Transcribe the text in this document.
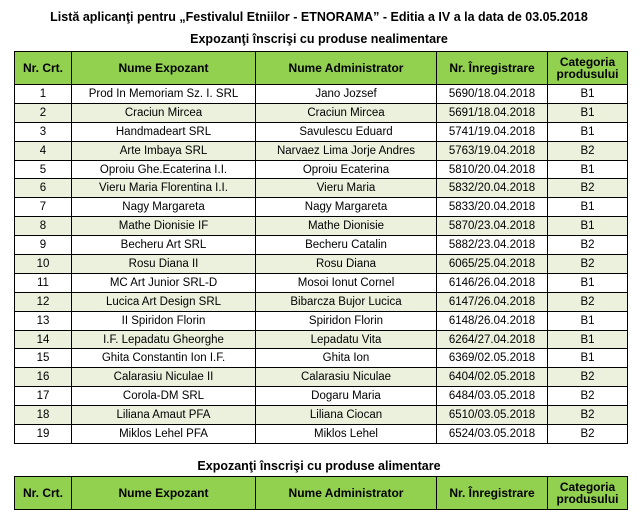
Listă aplicanţi pentru „Festivalul Etniilor - ETNORAMA” - Editia a IV a la data de 03.05.2018
Expozanţi înscrişi cu produse nealimentare
Nr. Crt.	Nume Expozant	Nume Administrator	Nr. Înregistrare	Categoria produsului
1	Prod In Memoriam Sz. I. SRL	Jano Jozsef	5690/18.04.2018	B1
2	Craciun Mircea	Craciun Mircea	5691/18.04.2018	B1
3	Handmadeart SRL	Savulescu Eduard	5741/19.04.2018	B1
4	Arte Imbaya SRL	Narvaez Lima Jorje Andres	5763/19.04.2018	B2
5	Oproiu Ghe.Ecaterina I.I.	Oproiu Ecaterina	5810/20.04.2018	B1
6	Vieru Maria Florentina I.I.	Vieru Maria	5832/20.04.2018	B2
7	Nagy Margareta	Nagy Margareta	5833/20.04.2018	B1
8	Mathe Dionisie IF	Mathe Dionisie	5870/23.04.2018	B1
9	Becheru Art SRL	Becheru Catalin	5882/23.04.2018	B2
10	Rosu Diana II	Rosu Diana	6065/25.04.2018	B2
11	MC Art Junior SRL-D	Mosoi Ionut Cornel	6146/26.04.2018	B1
12	Lucica Art Design SRL	Bibarcza Bujor Lucica	6147/26.04.2018	B2
13	II Spiridon Florin	Spiridon Florin	6148/26.04.2018	B1
14	I.F. Lepadatu Gheorghe	Lepadatu Vita	6264/27.04.2018	B1
15	Ghita Constantin Ion I.F.	Ghita Ion	6369/02.05.2018	B1
16	Calarasiu Niculae II	Calarasiu Niculae	6404/02.05.2018	B2
17	Corola-DM SRL	Dogaru Maria	6484/03.05.2018	B2
18	Liliana Amaut PFA	Liliana Ciocan	6510/03.05.2018	B2
19	Miklos Lehel PFA	Miklos Lehel	6524/03.05.2018	B2
Expozanţi înscrişi cu produse alimentare
Nr. Crt.	Nume Expozant	Nume Administrator	Nr. Înregistrare	Categoria produsului
